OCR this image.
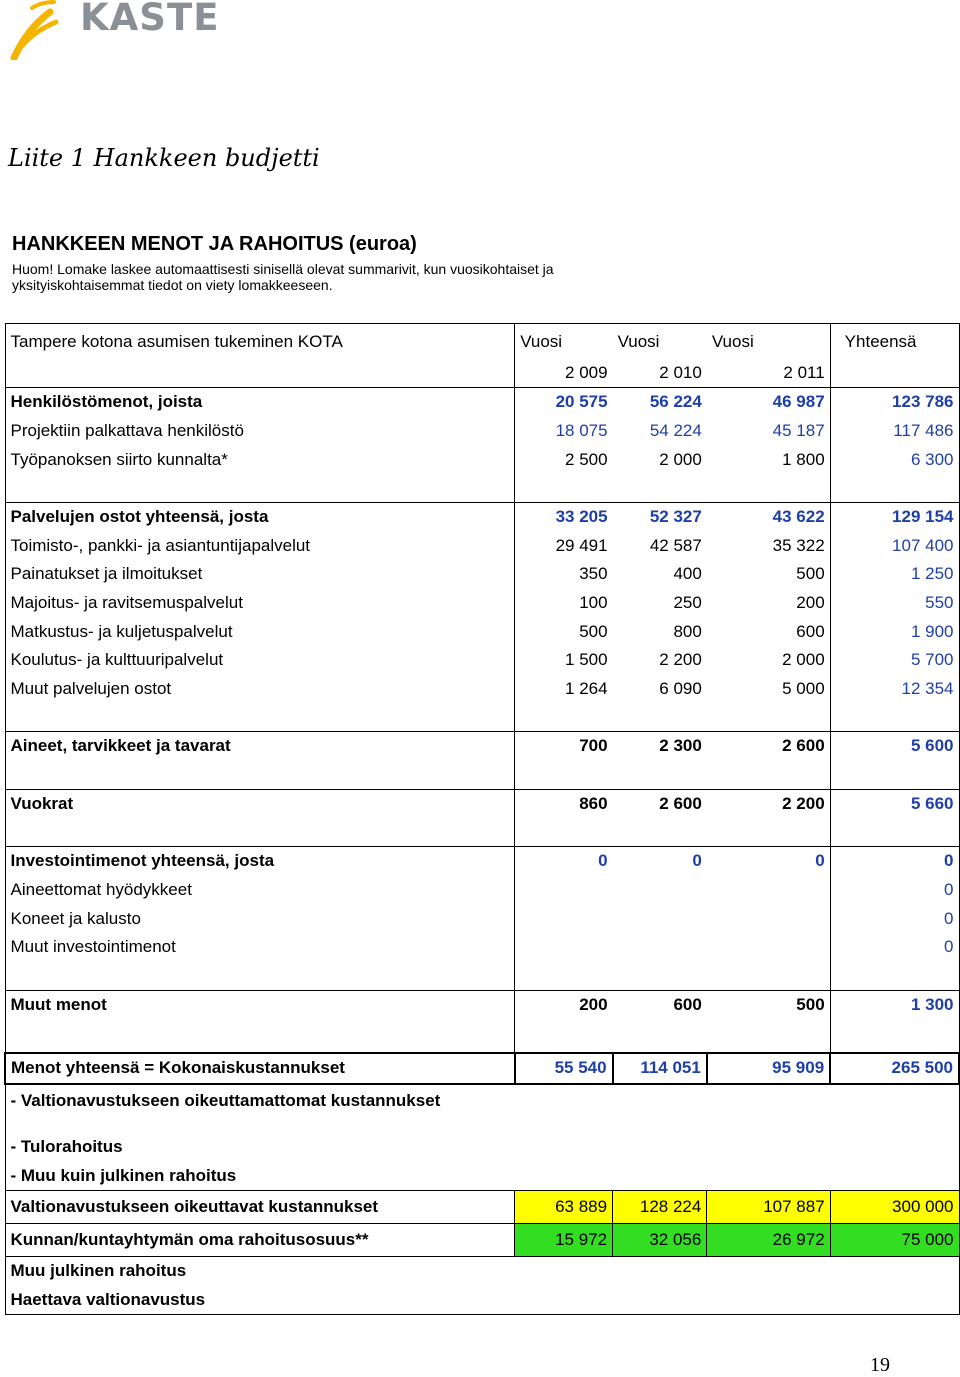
KASTE
Liite 1 Hankkeen budjetti
HANKKEEN MENOT JA RAHOITUS (euroa)
Huom! Lomake laskee automaattisesti sinisellä olevat summarivit, kun vuosikohtaiset ja yksityiskohtaisemmat tiedot on viety lomakkeeseen.
Tampere kotona asumisen tukeminen KOTA	Vuosi	Vuosi	Vuosi	Yhteensä
	2 009	2 010	2 011	
Henkilöstömenot, joista	20 575	56 224	46 987	123 786
Projektiin palkattava henkilöstö	18 075	54 224	45 187	117 486
Työpanoksen siirto kunnalta*	2 500	2 000	1 800	6 300

Palvelujen ostot yhteensä, josta	33 205	52 327	43 622	129 154
Toimisto-, pankki- ja asiantuntijapalvelut	29 491	42 587	35 322	107 400
Painatukset ja ilmoitukset	350	400	500	1 250
Majoitus- ja ravitsemuspalvelut	100	250	200	550
Matkustus- ja kuljetuspalvelut	500	800	600	1 900
Koulutus- ja kulttuuripalvelut	1 500	2 200	2 000	5 700
Muut palvelujen ostot	1 264	6 090	5 000	12 354

Aineet, tarvikkeet ja tavarat	700	2 300	2 600	5 600

Vuokrat	860	2 600	2 200	5 660

Investointimenot yhteensä, josta	0	0	0	0
Aineettomat hyödykkeet				0
Koneet ja kalusto				0
Muut investointimenot				0

Muut menot	200	600	500	1 300

Menot yhteensä = Kokonaiskustannukset	55 540	114 051	95 909	265 500
- Valtionavustukseen oikeuttamattomat kustannukset				

- Tulorahoitus				
- Muu kuin julkinen rahoitus				
Valtionavustukseen oikeuttavat kustannukset	63 889	128 224	107 887	300 000
Kunnan/kuntayhtymän oma rahoitusosuus**	15 972	32 056	26 972	75 000
Muu julkinen rahoitus				
Haettava valtionavustus				
19
